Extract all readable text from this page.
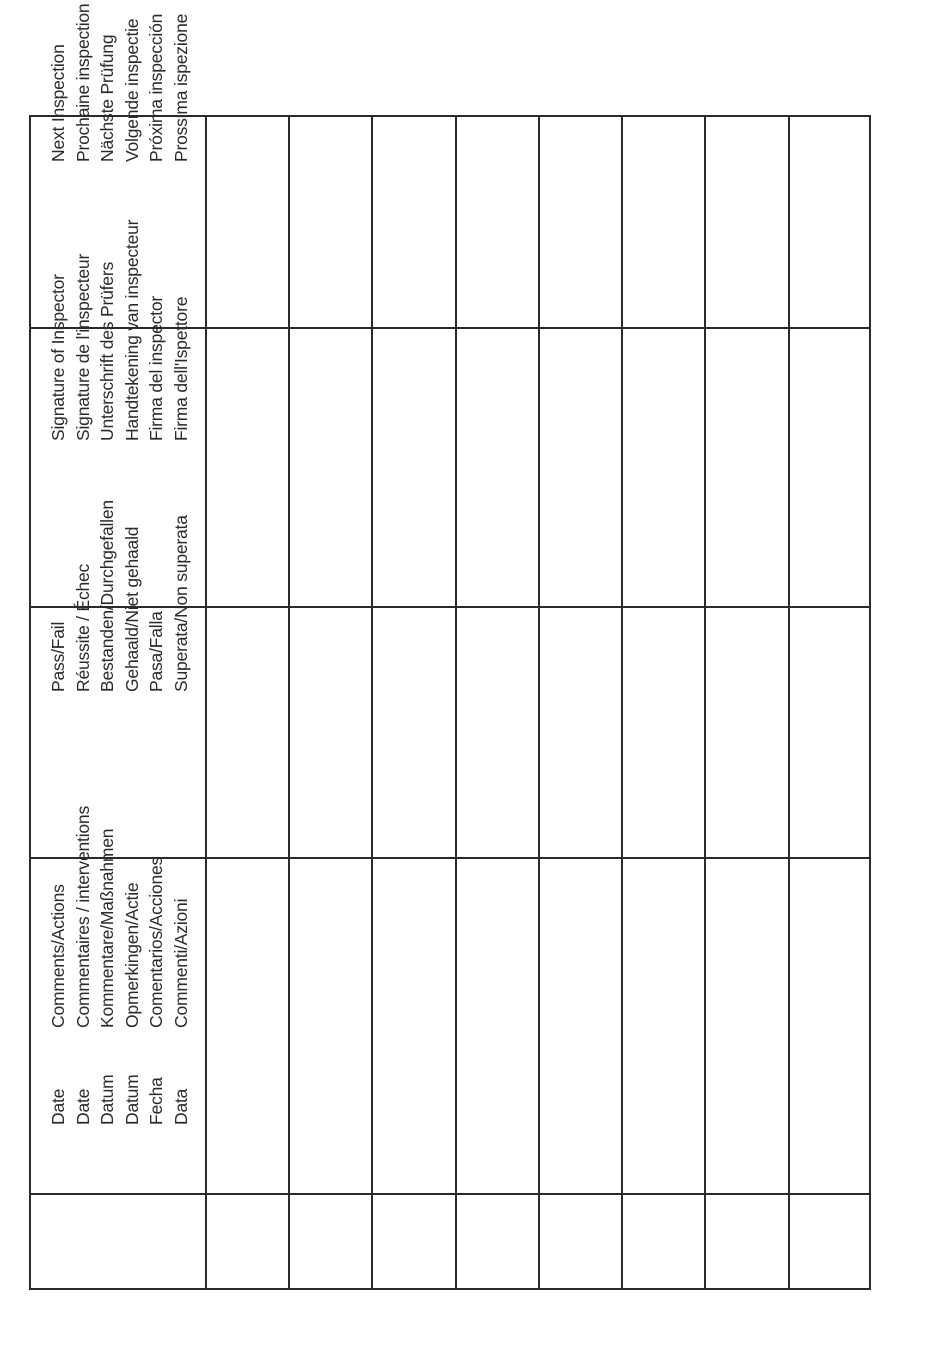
Next Inspection Prochaine inspection Nächste Prüfung Volgende inspectie Próxima inspección Prossima ispezione
Signature of Inspector Signature de l'inspecteur Unterschrift des Prüfers Handtekening van inspecteur Firma del inspector Firma dell'Ispettore
Pass/Fail Réussite / Échec Bestanden/Durchgefallen Gehaald/Niet gehaald Pasa/Falla Superata/Non superata
Comments/Actions Commentaires / interventions Kommentare/Maßnahmen Opmerkingen/Actie Comentarios/Acciones Commenti/Azioni
Date Date Datum Datum Fecha Data
